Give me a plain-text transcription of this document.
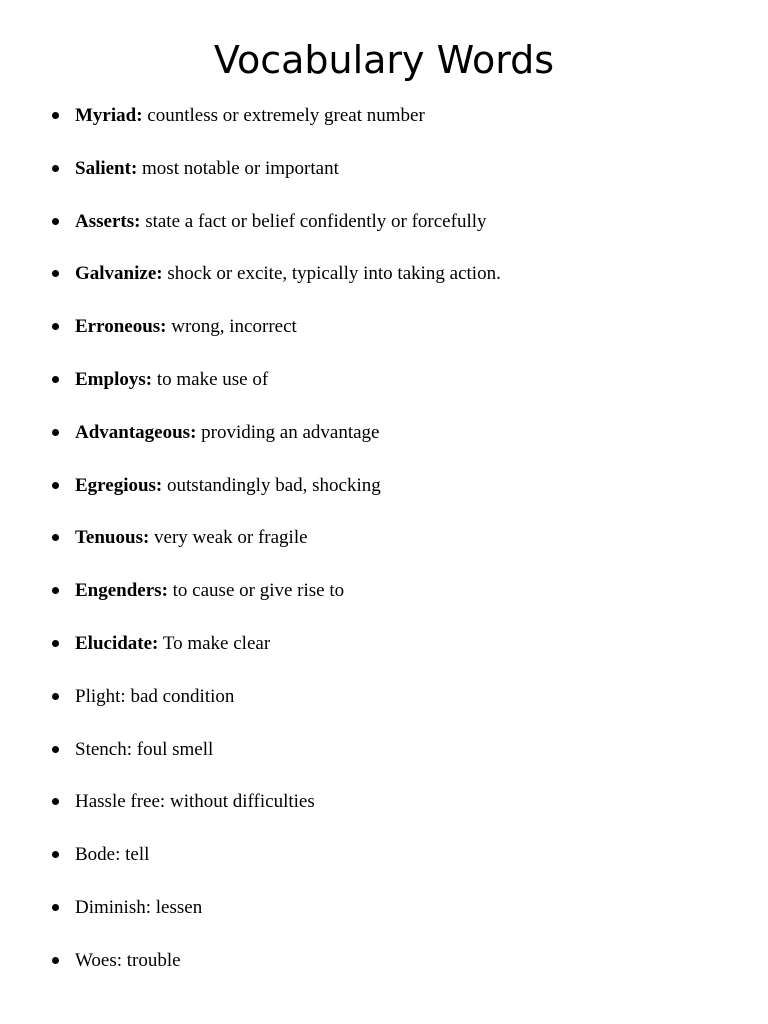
Vocabulary Words
Myriad: countless or extremely great number
Salient: most notable or important
Asserts: state a fact or belief confidently or forcefully
Galvanize: shock or excite, typically into taking action.
Erroneous: wrong, incorrect
Employs: to make use of
Advantageous: providing an advantage
Egregious: outstandingly bad, shocking
Tenuous: very weak or fragile
Engenders: to cause or give rise to
Elucidate: To make clear
Plight: bad condition
Stench: foul smell
Hassle free: without difficulties
Bode: tell
Diminish: lessen
Woes: trouble
